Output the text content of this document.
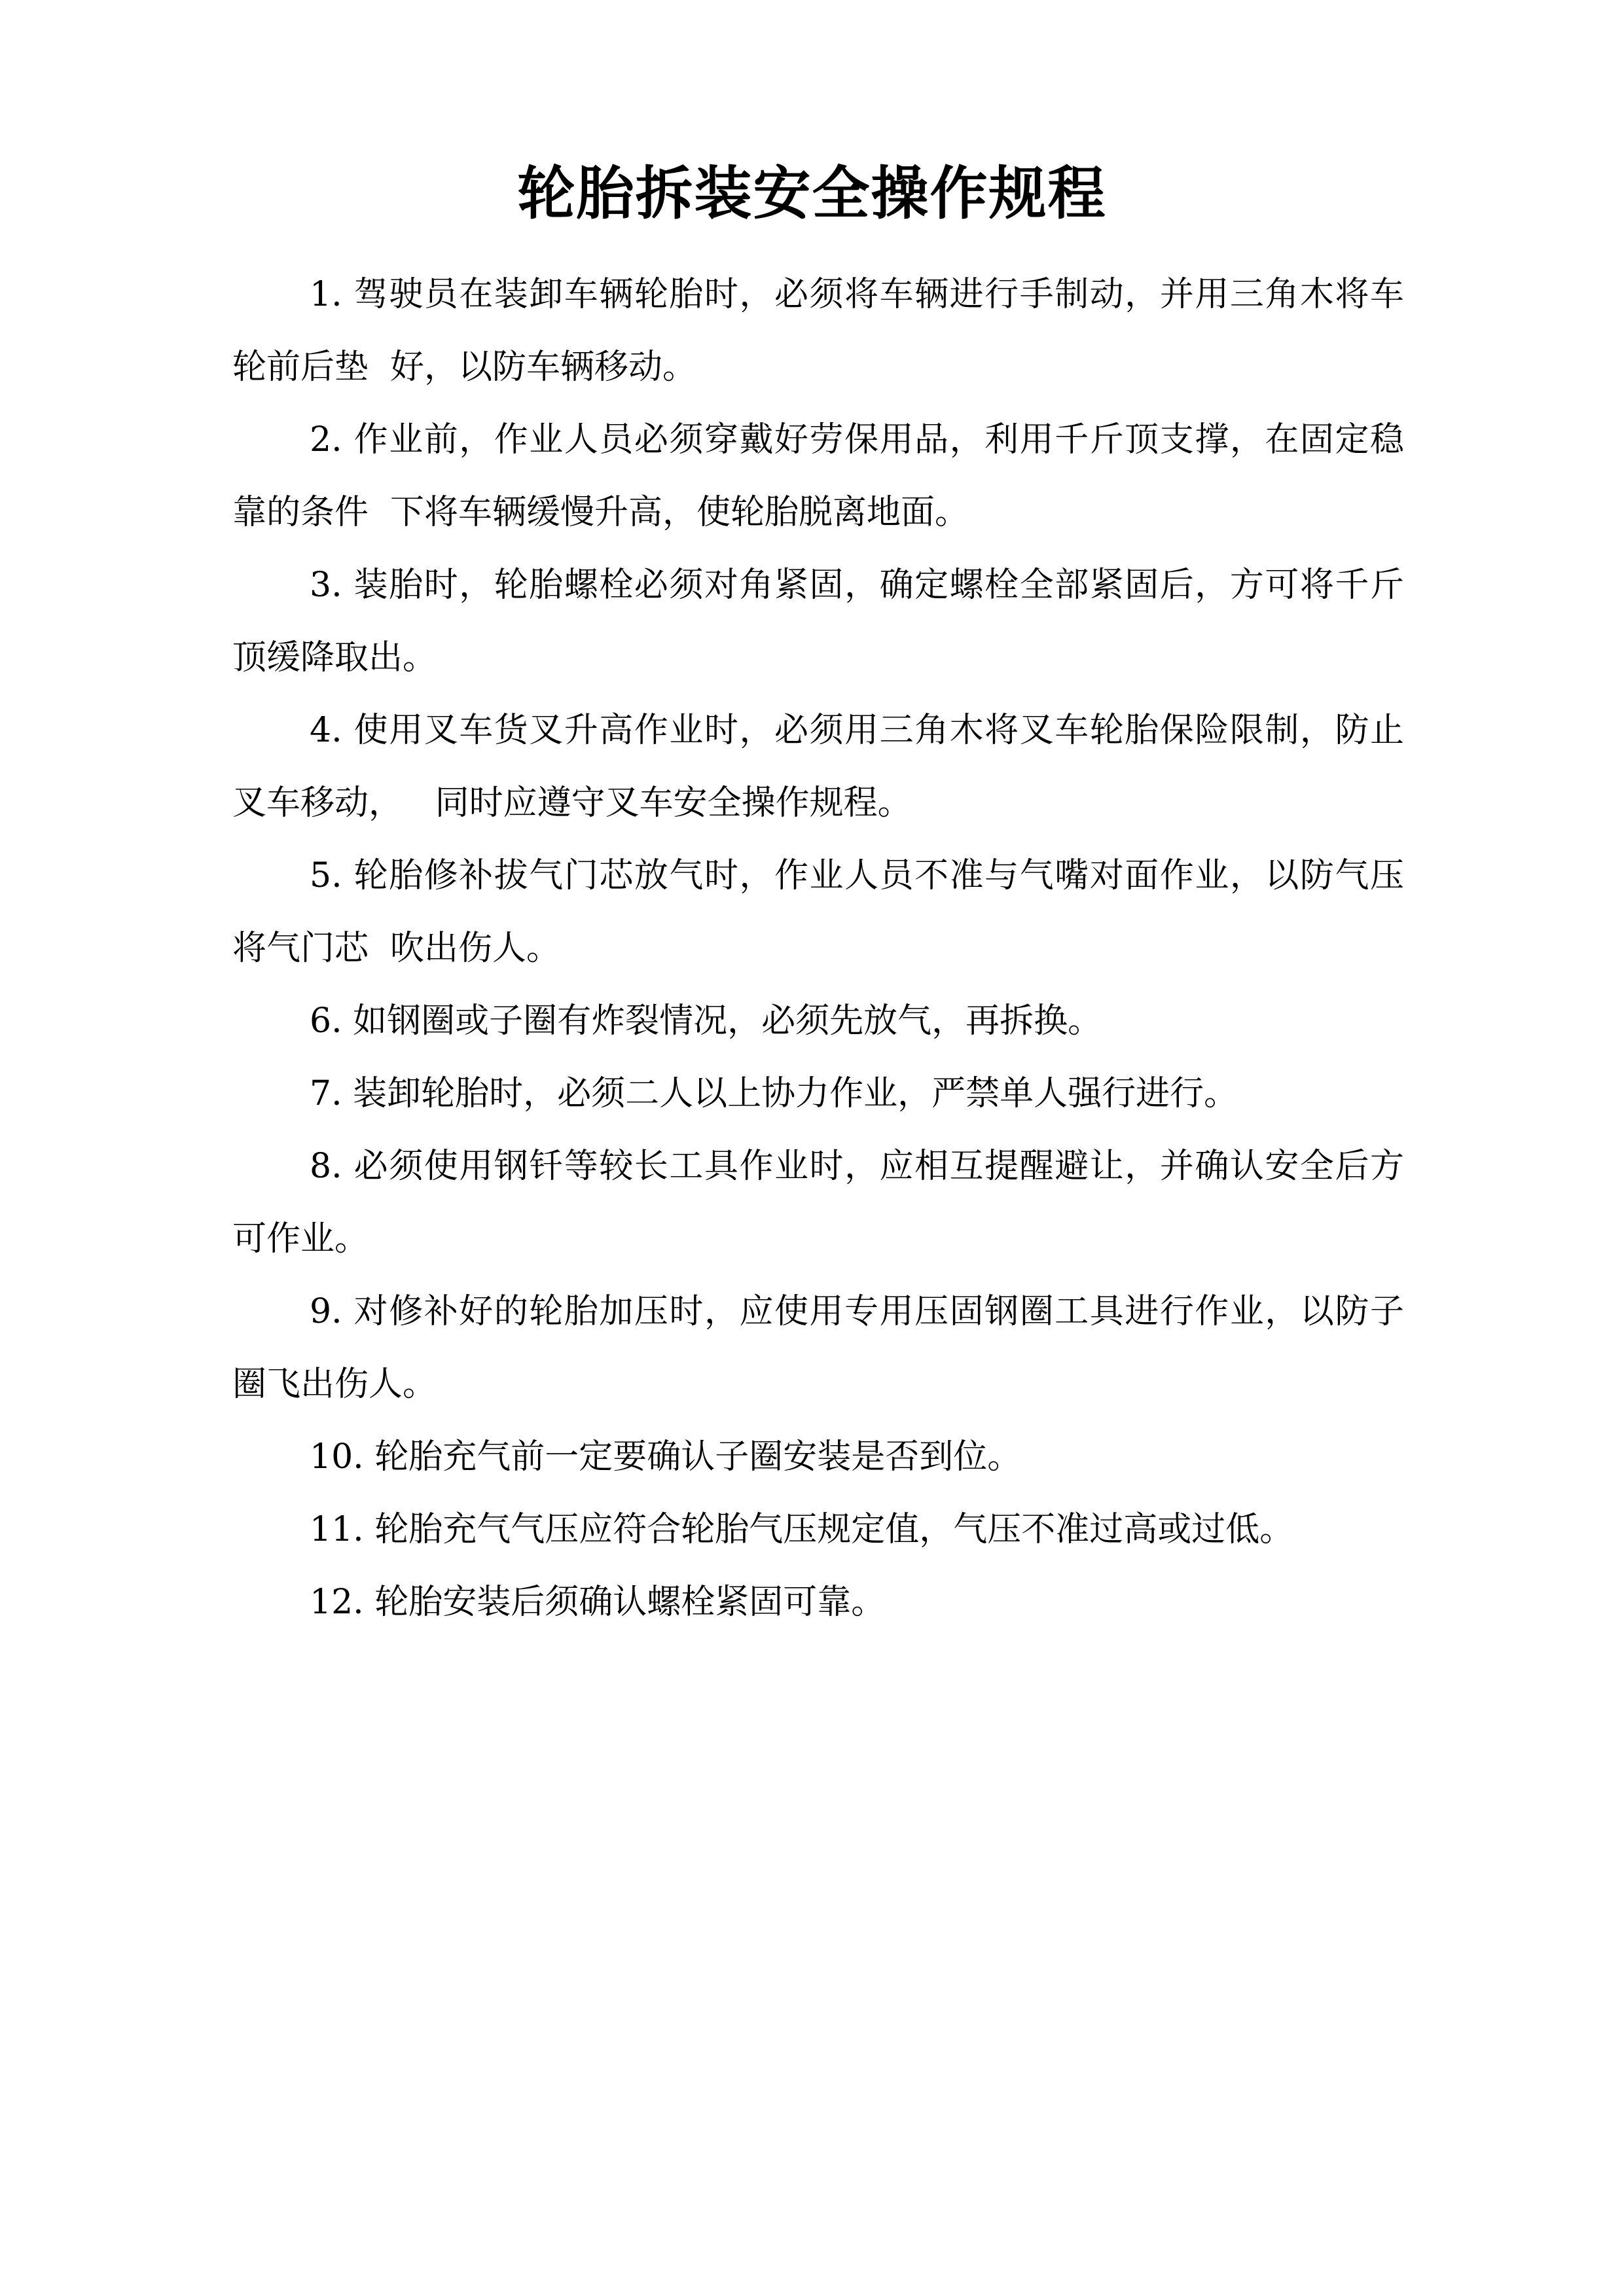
轮胎拆装安全操作规程

1. 驾驶员在装卸车辆轮胎时，必须将车辆进行手制动，并用三角木将车轮前后垫  好，以防车辆移动。

2. 作业前，作业人员必须穿戴好劳保用品，利用千斤顶支撑，在固定稳靠的条件  下将车辆缓慢升高，使轮胎脱离地面。

3. 装胎时，轮胎螺栓必须对角紧固，确定螺栓全部紧固后，方可将千斤顶缓降取出。

4. 使用叉车货叉升高作业时，必须用三角木将叉车轮胎保险限制，防止叉车移动，   同时应遵守叉车安全操作规程。

5. 轮胎修补拔气门芯放气时，作业人员不准与气嘴对面作业，以防气压将气门芯  吹出伤人。

6. 如钢圈或子圈有炸裂情况，必须先放气，再拆换。

7. 装卸轮胎时，必须二人以上协力作业，严禁单人强行进行。

8. 必须使用钢钎等较长工具作业时，应相互提醒避让，并确认安全后方可作业。

9. 对修补好的轮胎加压时，应使用专用压固钢圈工具进行作业，以防子圈飞出伤人。

10. 轮胎充气前一定要确认子圈安装是否到位。

11. 轮胎充气气压应符合轮胎气压规定值，气压不准过高或过低。

12. 轮胎安装后须确认螺栓紧固可靠。
